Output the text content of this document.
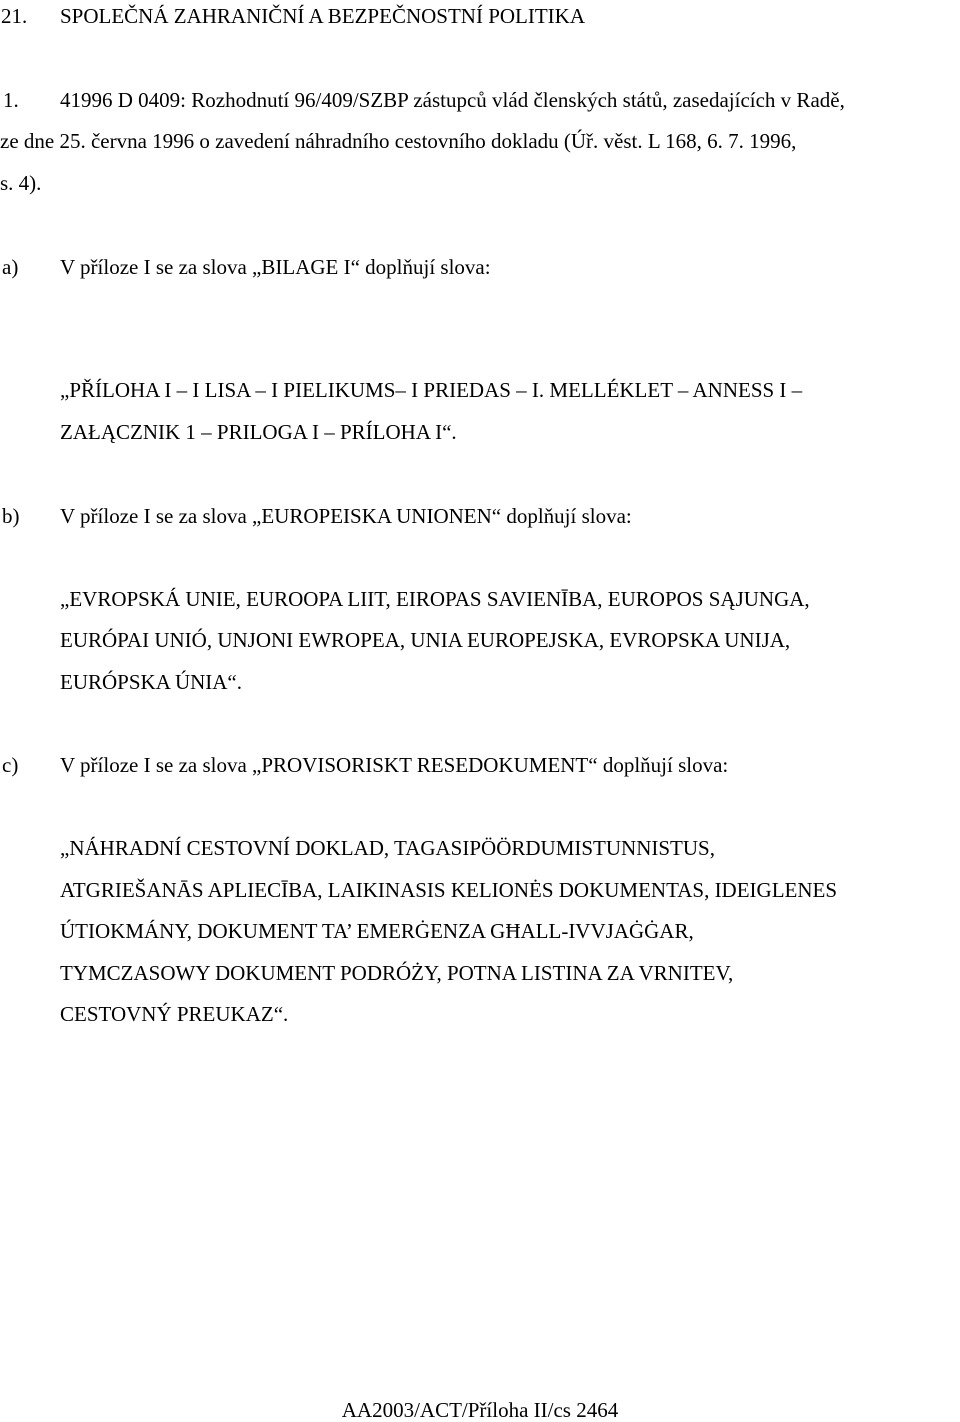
21. SPOLEČNÁ ZAHRANIČNÍ A BEZPEČNOSTNÍ POLITIKA
1. 41996 D 0409: Rozhodnutí 96/409/SZBP zástupců vlád členských států, zasedajících v Radě,
ze dne 25. června 1996 o zavedení náhradního cestovního dokladu (Úř. věst. L 168, 6. 7. 1996,
s. 4).
a) V příloze I se za slova „BILAGE I“ doplňují slova:
„PŘÍLOHA I – I LISA – I PIELIKUMS– I PRIEDAS – I. MELLÉKLET – ANNESS I –
ZAŁĄCZNIK 1 – PRILOGA I – PRÍLOHA I“.
b) V příloze I se za slova „EUROPEISKA UNIONEN“ doplňují slova:
„EVROPSKÁ UNIE, EUROOPA LIIT, EIROPAS SAVIENĪBA, EUROPOS SĄJUNGA,
EURÓPAI UNIÓ, UNJONI EWROPEA, UNIA EUROPEJSKA, EVROPSKA UNIJA,
EURÓPSKA ÚNIA“.
c) V příloze I se za slova „PROVISORISKT RESEDOKUMENT“ doplňují slova:
„NÁHRADNÍ CESTOVNÍ DOKLAD, TAGASIPÖÖRDUMISTUNNISTUS,
ATGRIEŠANĀS APLIECĪBA, LAIKINASIS KELIONĖS DOKUMENTAS, IDEIGLENES
ÚTIOKMÁNY, DOKUMENT TA’ EMERĠENZA GĦALL-IVVJAĠĠAR,
TYMCZASOWY DOKUMENT PODRÓŻY, POTNA LISTINA ZA VRNITEV,
CESTOVNÝ PREUKAZ“.
AA2003/ACT/Příloha II/cs 2464
